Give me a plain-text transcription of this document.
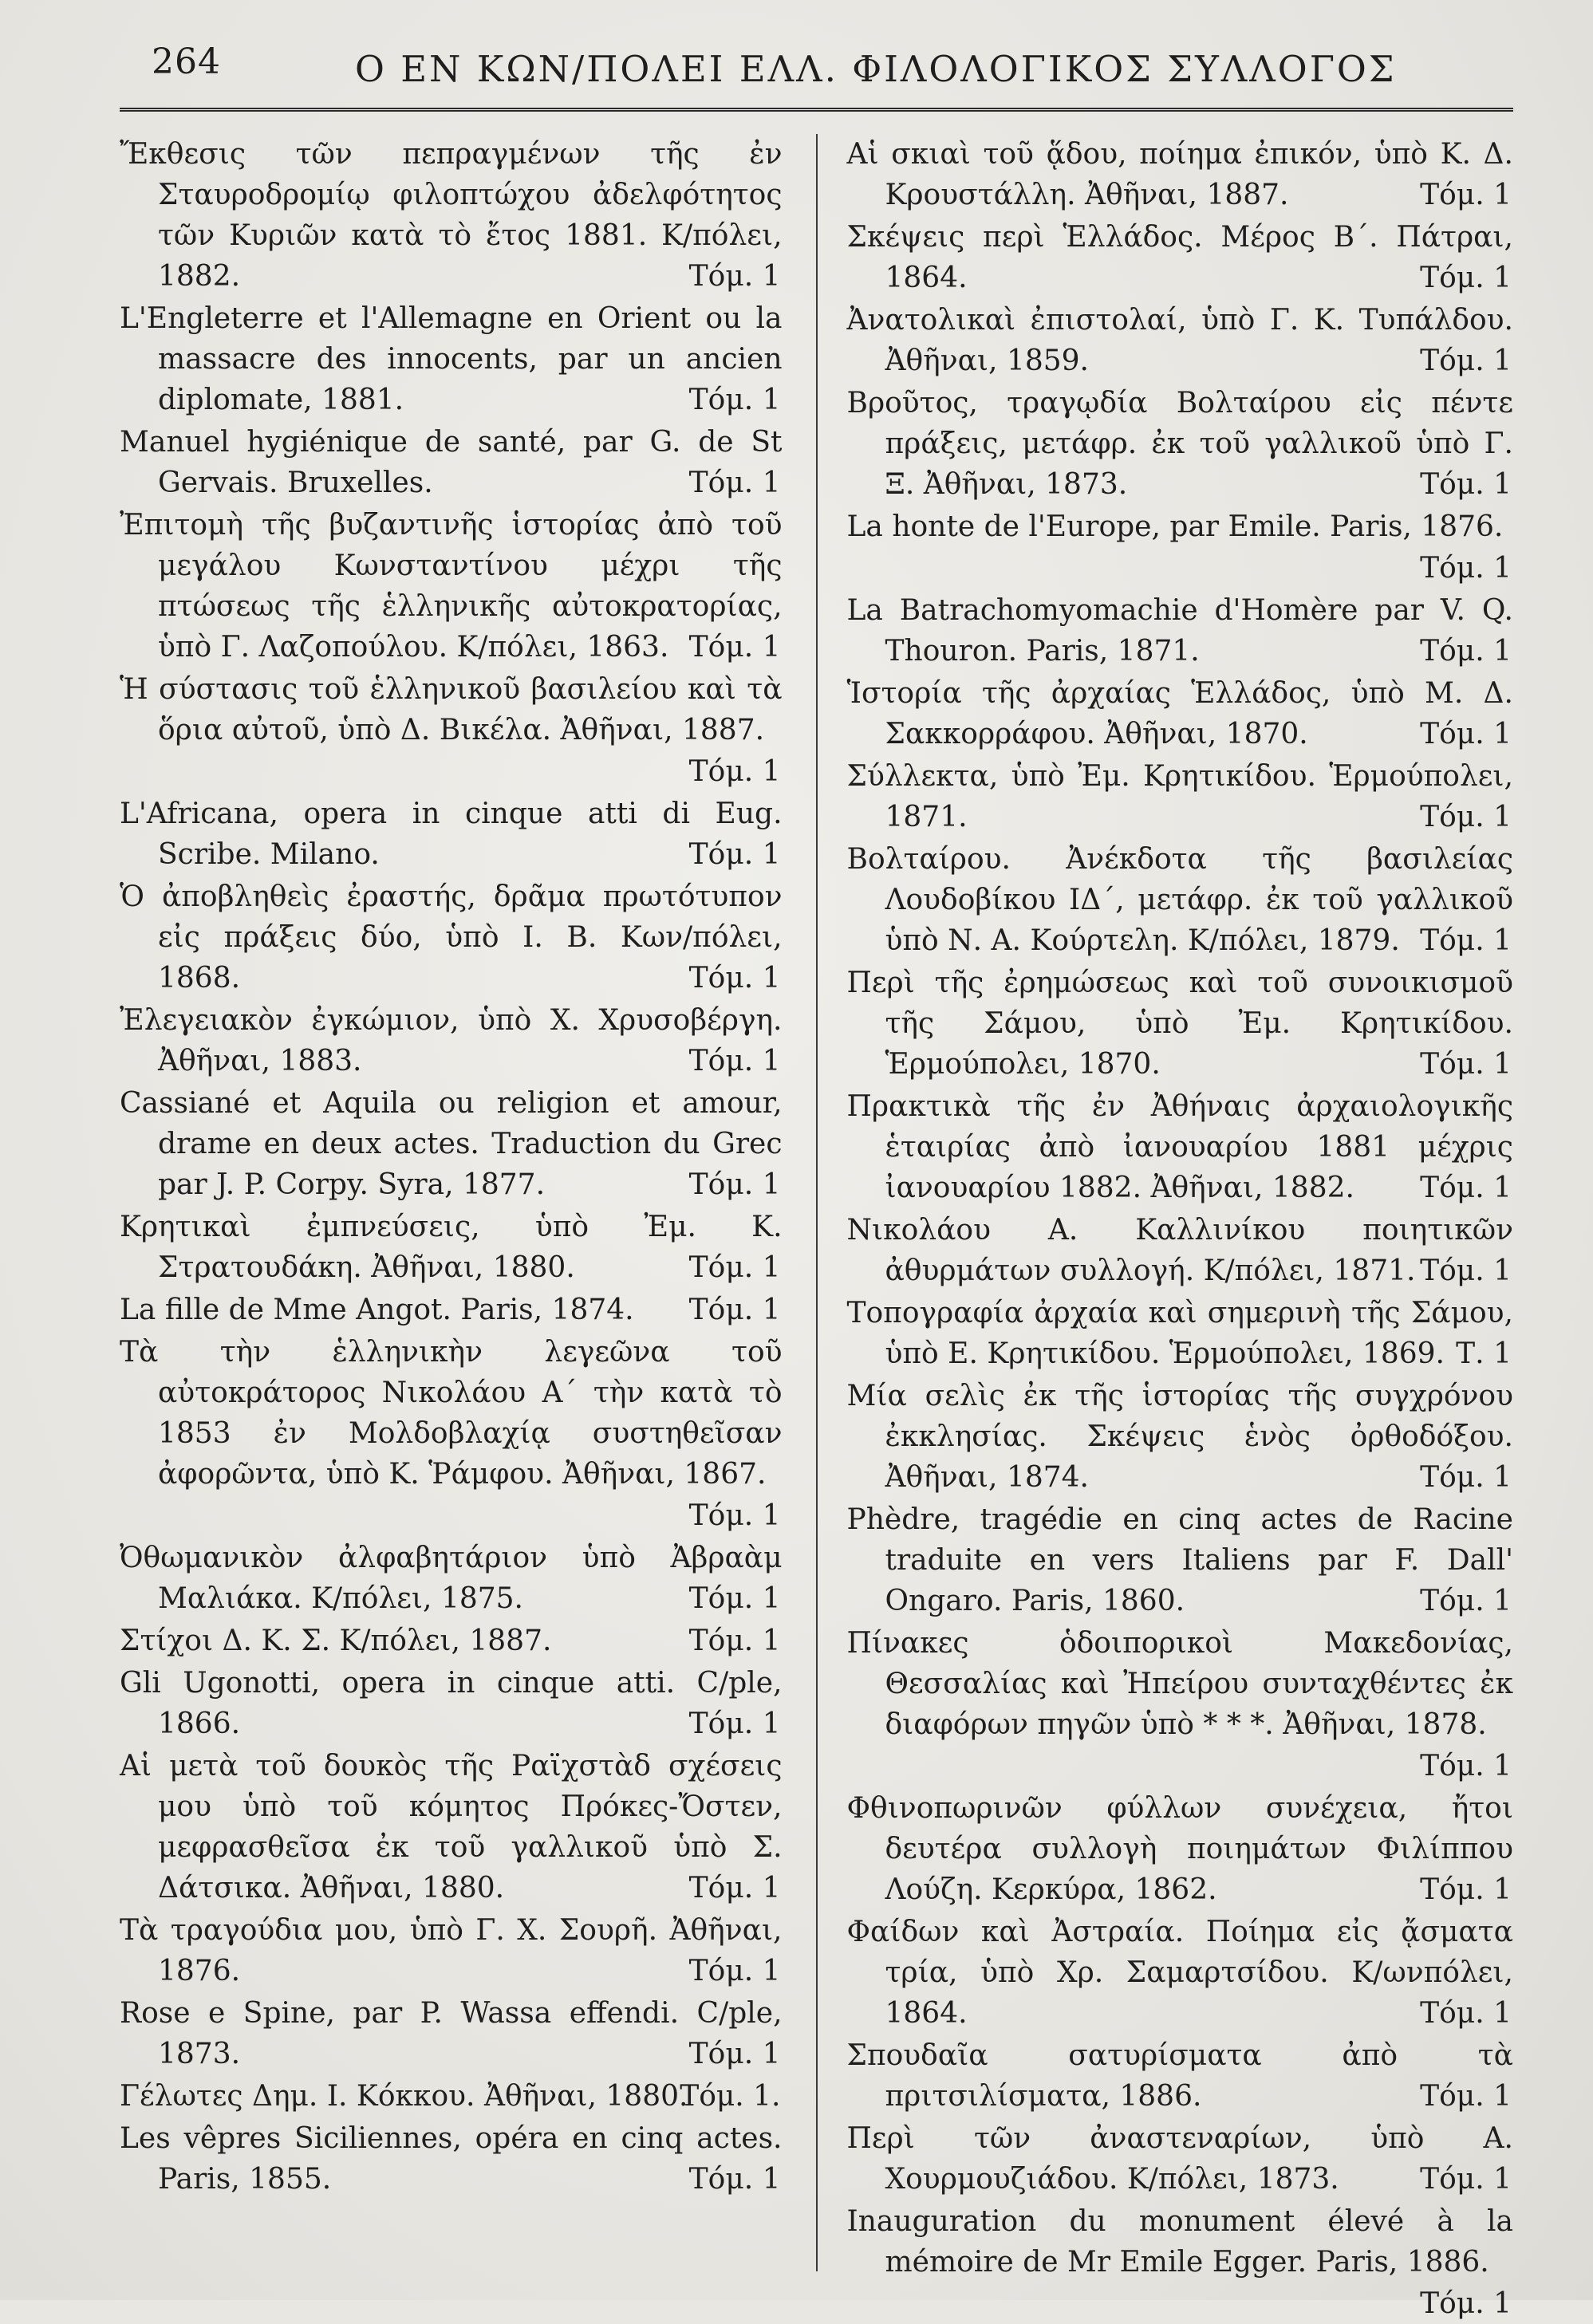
264	Ο ΕΝ ΚΩΝ/ΠΟΛΕΙ ΕΛΛ. ΦΙΛΟΛΟΓΙΚΟΣ ΣΥΛΛΟΓΟΣ

Ἔκθεσις τῶν πεπραγμένων τῆς ἐν Σταυροδρομίῳ φιλοπτώχου ἀδελφότητος τῶν Κυριῶν κατὰ τὸ ἔτος 1881. Κ/πόλει, 1882.	Τόμ. 1

L'Engleterre et l'Allemagne en Orient ou la massacre des innocents, par un ancien diplomate, 1881.	Τόμ. 1

Manuel hygiénique de santé, par G. de St Gervais. Bruxelles.	Τόμ. 1

Ἐπιτομὴ τῆς βυζαντινῆς ἱστορίας ἀπὸ τοῦ μεγάλου Κωνσταντίνου μέχρι τῆς πτώσεως τῆς ἑλληνικῆς αὐτοκρατορίας, ὑπὸ Γ. Λαζοπούλου. Κ/πόλει, 1863. Τόμ. 1

Ἡ σύστασις τοῦ ἑλληνικοῦ βασιλείου καὶ τὰ ὅρια αὐτοῦ, ὑπὸ Δ. Βικέλα. Ἀθῆναι, 1887.
Τόμ. 1

L'Africana, opera in cinque atti di Eug. Scribe. Milano.	Τόμ. 1

Ὁ ἀποβληθεὶς ἐραστής, δρᾶμα πρωτότυπον εἰς πράξεις δύο, ὑπὸ Ι. Β. Κων/πόλει, 1868.	Τόμ. 1

Ἐλεγειακὸν ἐγκώμιον, ὑπὸ Χ. Χρυσοβέργη. Ἀθῆναι, 1883.	Τόμ. 1

Cassiané et Aquila ou religion et amour, drame en deux actes. Traduction du Grec par J. P. Corpy. Syra, 1877.	Τόμ. 1

Κρητικαὶ ἐμπνεύσεις, ὑπὸ Ἐμ. Κ. Στρατουδάκη. Ἀθῆναι, 1880.	Τόμ. 1

La fille de Mme Angot. Paris, 1874. Τόμ. 1

Τὰ τὴν ἑλληνικὴν λεγεῶνα τοῦ αὐτοκράτορος Νικολάου Α΄ τὴν κατὰ τὸ 1853 ἐν Μολδοβλαχίᾳ συστηθεῖσαν ἀφορῶντα, ὑπὸ Κ. Ῥάμφου. Ἀθῆναι, 1867.
Τόμ. 1

Ὀθωμανικὸν ἀλφαβητάριον ὑπὸ Ἀβραὰμ Μαλιάκα. Κ/πόλει, 1875.	Τόμ. 1

Στίχοι Δ. Κ. Σ. Κ/πόλει, 1887.	Τόμ. 1

Gli Ugonotti, opera in cinque atti. C/ple, 1866.	Τόμ. 1

Αἱ μετὰ τοῦ δουκὸς τῆς Ραϊχστὰδ σχέσεις μου ὑπὸ τοῦ κόμητος Πρόκες-Ὄστεν, μεφρασθεῖσα ἐκ τοῦ γαλλικοῦ ὑπὸ Σ. Δάτσικα. Ἀθῆναι, 1880.	Τόμ. 1

Τὰ τραγούδια μου, ὑπὸ Γ. Χ. Σουρῆ. Ἀθῆναι, 1876.	Τόμ. 1

Rose e Spine, par P. Wassa effendi. C/ple, 1873.	Τόμ. 1

Γέλωτες Δημ. Ι. Κόκκου. Ἀθῆναι, 1880.
Τόμ. 1.

Les vêpres Siciliennes, opéra en cinq actes. Paris, 1855.	Τόμ. 1

Αἱ σκιαὶ τοῦ ᾅδου, ποίημα ἐπικόν, ὑπὸ Κ. Δ. Κρουστάλλη. Ἀθῆναι, 1887.	Τόμ. 1

Σκέψεις περὶ Ἑλλάδος. Μέρος Β΄. Πάτραι, 1864.	Τόμ. 1

Ἀνατολικαὶ ἐπιστολαί, ὑπὸ Γ. Κ. Τυπάλδου. Ἀθῆναι, 1859.	Τόμ. 1

Βροῦτος, τραγῳδία Βολταίρου εἰς πέντε πράξεις, μετάφρ. ἐκ τοῦ γαλλικοῦ ὑπὸ Γ. Ξ. Ἀθῆναι, 1873.	Τόμ. 1

La honte de l'Europe, par Emile. Paris, 1876.
Τόμ. 1

La Batrachomyomachie d'Homère par V. Q. Thouron. Paris, 1871.	Τόμ. 1

Ἱστορία τῆς ἀρχαίας Ἑλλάδος, ὑπὸ Μ. Δ. Σακκορράφου. Ἀθῆναι, 1870.	Τόμ. 1

Σύλλεκτα, ὑπὸ Ἐμ. Κρητικίδου. Ἑρμούπολει, 1871.	Τόμ. 1

Βολταίρου. Ἀνέκδοτα τῆς βασιλείας Λουδοβίκου ΙΔ΄, μετάφρ. ἐκ τοῦ γαλλικοῦ ὑπὸ Ν. Α. Κούρτελη. Κ/πόλει, 1879. Τόμ. 1

Περὶ τῆς ἐρημώσεως καὶ τοῦ συνοικισμοῦ τῆς Σάμου, ὑπὸ Ἐμ. Κρητικίδου. Ἑρμούπολει, 1870.	Τόμ. 1

Πρακτικὰ τῆς ἐν Ἀθήναις ἀρχαιολογικῆς ἑταιρίας ἀπὸ ἰανουαρίου 1881 μέχρις ἰανουαρίου 1882. Ἀθῆναι, 1882. Τόμ. 1

Νικολάου Α. Καλλινίκου ποιητικῶν ἀθυρμάτων συλλογή. Κ/πόλει, 1871. Τόμ. 1

Τοπογραφία ἀρχαία καὶ σημερινὴ τῆς Σάμου, ὑπὸ Ε. Κρητικίδου. Ἑρμούπολει, 1869. Τ. 1

Μία σελὶς ἐκ τῆς ἱστορίας τῆς συγχρόνου ἐκκλησίας. Σκέψεις ἑνὸς ὀρθοδόξου. Ἀθῆναι, 1874.	Τόμ. 1

Phèdre, tragédie en cinq actes de Racine traduite en vers Italiens par F. Dall' Ongaro. Paris, 1860.	Τόμ. 1

Πίνακες ὁδοιπορικοὶ Μακεδονίας, Θεσσαλίας καὶ Ἠπείρου συνταχθέντες ἐκ διαφόρων πηγῶν ὑπὸ * * *. Ἀθῆναι, 1878.
Τόμ. 1

Φθινοπωρινῶν φύλλων συνέχεια, ἤτοι δευτέρα συλλογὴ ποιημάτων Φιλίππου Λούζη. Κερκύρα, 1862.	Τόμ. 1

Φαίδων καὶ Ἀστραία. Ποίημα εἰς ᾄσματα τρία, ὑπὸ Χρ. Σαμαρτσίδου. Κ/ωνπόλει, 1864.	Τόμ. 1

Σπουδαῖα σατυρίσματα ἀπὸ τὰ πριτσιλίσματα, 1886.	Τόμ. 1

Περὶ τῶν ἀναστεναρίων, ὑπὸ Α. Χουρμουζιάδου. Κ/πόλει, 1873.	Τόμ. 1

Inauguration du monument élevé à la mémoire de Mr Emile Egger. Paris, 1886.
Τόμ. 1
